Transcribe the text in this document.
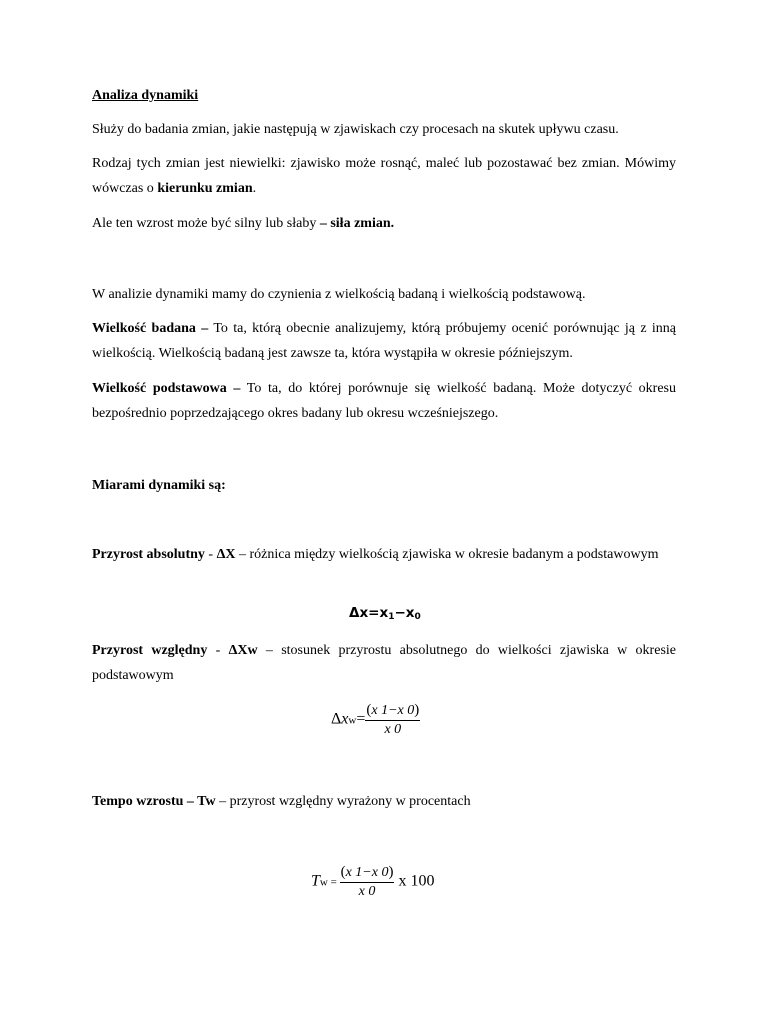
Analiza dynamiki

Służy do badania zmian, jakie następują w zjawiskach czy procesach na skutek upływu czasu.

Rodzaj tych zmian jest niewielki: zjawisko może rosnąć, maleć lub pozostawać bez zmian. Mówimy wówczas o kierunku zmian.

Ale ten wzrost może być silny lub słaby – siła zmian.

W analizie dynamiki mamy do czynienia z wielkością badaną i wielkością podstawową.

Wielkość badana – To ta, którą obecnie analizujemy, którą próbujemy ocenić porównując ją z inną wielkością. Wielkością badaną jest zawsze ta, która wystąpiła w okresie późniejszym.

Wielkość podstawowa – To ta, do której porównuje się wielkość badaną. Może dotyczyć okresu bezpośrednio poprzedzającego okres badany lub okresu wcześniejszego.

Miarami dynamiki są:

Przyrost absolutny - ΔX – różnica między wielkością zjawiska w okresie badanym a podstawowym

$\Delta x=x_1-x_0$

Przyrost względny - ΔXw – stosunek przyrostu absolutnego do wielkości zjawiska w okresie podstawowym

$\Delta xw= \frac{(x 1-x 0)}{x 0}$

Tempo wzrostu – Tw – przyrost względny wyrażony w procentach

$Tw = \frac{(x 1-x 0)}{x 0}$ x 100
